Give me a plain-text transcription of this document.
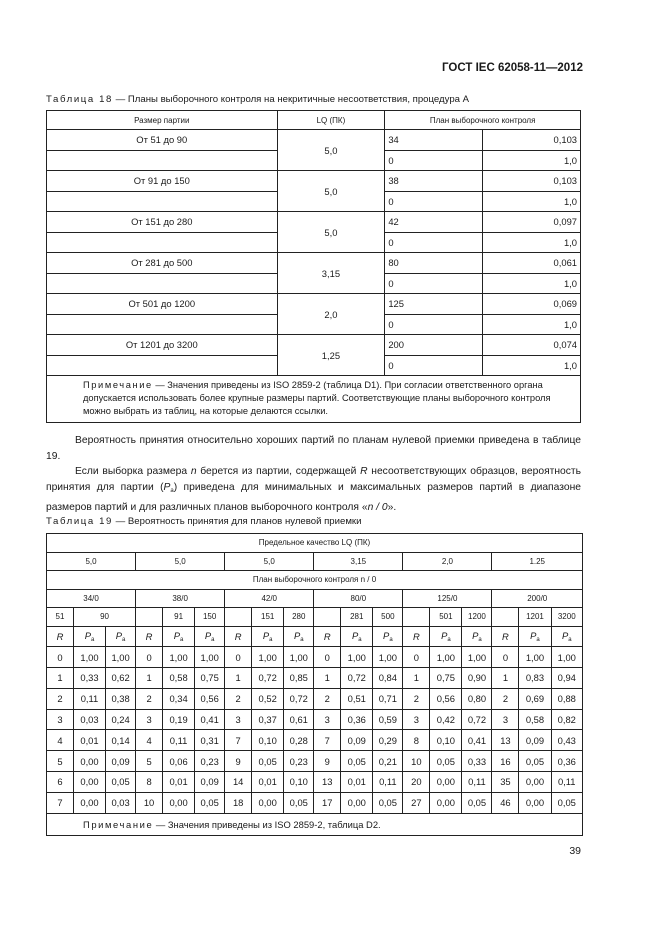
ГОСТ IEC 62058-11—2012
Таблица 18 — Планы выборочного контроля на некритичные несоответствия, процедура А
Размер партии	LQ (ПК)	План выборочного контроля	
От 51 до 90	5,0	34	0,103
		0	1,0
От 91 до 150	5,0	38	0,103
		0	1,0
От 151 до 280	5,0	42	0,097
		0	1,0
От 281 до 500	3,15	80	0,061
		0	1,0
От 501 до 1200	2,0	125	0,069
		0	1,0
От 1201 до 3200	1,25	200	0,074
		0	1,0
Примечание — Значения приведены из ISO 2859-2 (таблица D1). При согласии ответственного органа допускается использовать более крупные размеры партий. Соответствующие планы выборочного контроля можно выбрать из таблиц, на которые делаются ссылки.			

Вероятность принятия относительно хороших партий по планам нулевой приемки приведена в таблице 19.

Если выборка размера n берется из партии, содержащей R несоответствующих образцов, вероятность принятия для партии $(P_a)$ приведена для минимальных и максимальных размеров партий в диапазоне размеров партий и для различных планов выборочного контроля «n / 0».

Таблица 19 — Вероятность принятия для планов нулевой приемки
Предельное качество LQ (ПК)																	
5,0			5,0			5,0			3,15			2,0			1.25		
План выборочного контроля n / 0																	
34/0			38/0			42/0			80/0			125/0			200/0		
51	90			91	150		151	280		281	500		501	1200		1201	3200
R	$P_a$	$P_a$	R	$P_a$	$P_a$	R	$P_a$	$P_a$	R	$P_a$	$P_a$	R	$P_a$	$P_a$	R	$P_a$	$P_a$
0	1,00	1,00	0	1,00	1,00	0	1,00	1,00	0	1,00	1,00	0	1,00	1,00	0	1,00	1,00
1	0,33	0,62	1	0,58	0,75	1	0,72	0,85	1	0,72	0,84	1	0,75	0,90	1	0,83	0,94
2	0,11	0,38	2	0,34	0,56	2	0,52	0,72	2	0,51	0,71	2	0,56	0,80	2	0,69	0,88
3	0,03	0,24	3	0,19	0,41	3	0,37	0,61	3	0,36	0,59	3	0,42	0,72	3	0,58	0,82
4	0,01	0,14	4	0,11	0,31	7	0,10	0,28	7	0,09	0,29	8	0,10	0,41	13	0,09	0,43
5	0,00	0,09	5	0,06	0,23	9	0,05	0,23	9	0,05	0,21	10	0,05	0,33	16	0,05	0,36
6	0,00	0,05	8	0,01	0,09	14	0,01	0,10	13	0,01	0,11	20	0,00	0,11	35	0,00	0,11
7	0,00	0,03	10	0,00	0,05	18	0,00	0,05	17	0,00	0,05	27	0,00	0,05	46	0,00	0,05
Примечание — Значения приведены из ISO 2859-2, таблица D2.																	
39
